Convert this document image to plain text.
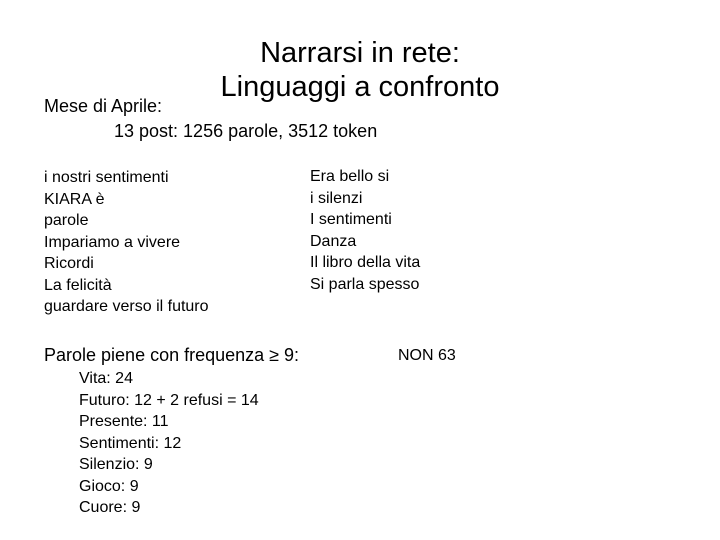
Narrarsi in rete:
Linguaggi a confronto
Mese di Aprile:
13 post: 1256 parole, 3512 token
i nostri sentimenti
KIARA è
parole
Impariamo a vivere
Ricordi
La felicità
guardare verso il futuro
Era bello si
i silenzi
I sentimenti
Danza
Il libro della vita
Si parla spesso
Parole piene con frequenza ≥ 9:	NON 63
Vita: 24
Futuro: 12 + 2 refusi = 14
Presente: 11
Sentimenti: 12
Silenzio: 9
Gioco: 9
Cuore: 9
